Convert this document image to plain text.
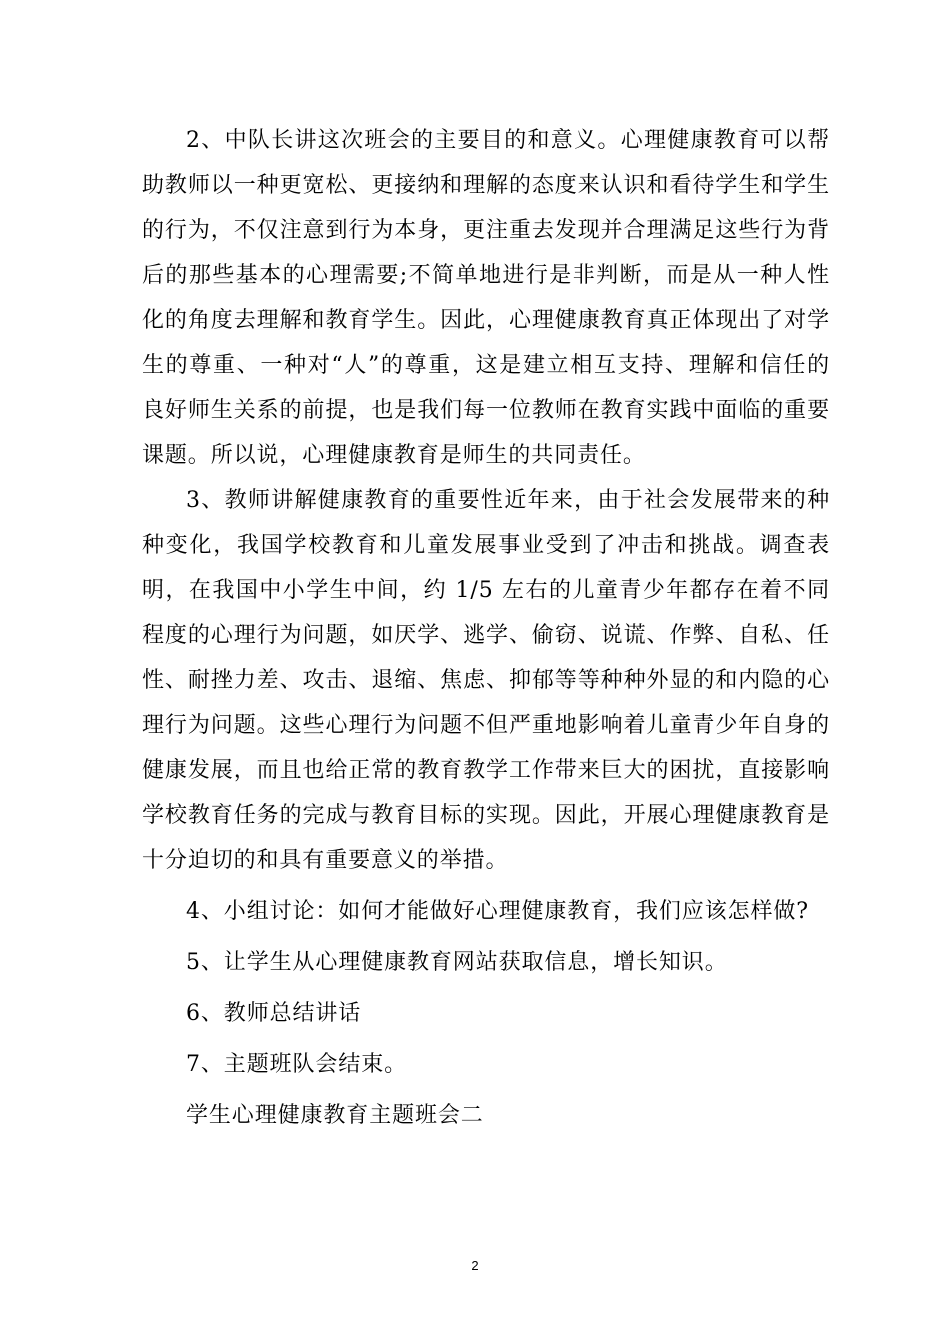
2、中队长讲这次班会的主要目的和意义。心理健康教育可以帮助教师以一种更宽松、更接纳和理解的态度来认识和看待学生和学生的行为，不仅注意到行为本身，更注重去发现并合理满足这些行为背后的那些基本的心理需要;不简单地进行是非判断，而是从一种人性化的角度去理解和教育学生。因此，心理健康教育真正体现出了对学生的尊重、一种对“人”的尊重，这是建立相互支持、理解和信任的良好师生关系的前提，也是我们每一位教师在教育实践中面临的重要课题。所以说，心理健康教育是师生的共同责任。

3、教师讲解健康教育的重要性近年来，由于社会发展带来的种种变化，我国学校教育和儿童发展事业受到了冲击和挑战。调查表明，在我国中小学生中间，约 1/5 左右的儿童青少年都存在着不同程度的心理行为问题，如厌学、逃学、偷窃、说谎、作弊、自私、任性、耐挫力差、攻击、退缩、焦虑、抑郁等等种种外显的和内隐的心理行为问题。这些心理行为问题不但严重地影响着儿童青少年自身的健康发展，而且也给正常的教育教学工作带来巨大的困扰，直接影响学校教育任务的完成与教育目标的实现。因此，开展心理健康教育是十分迫切的和具有重要意义的举措。

4、小组讨论：如何才能做好心理健康教育，我们应该怎样做?

5、让学生从心理健康教育网站获取信息，增长知识。

6、教师总结讲话

7、主题班队会结束。

学生心理健康教育主题班会二

2
